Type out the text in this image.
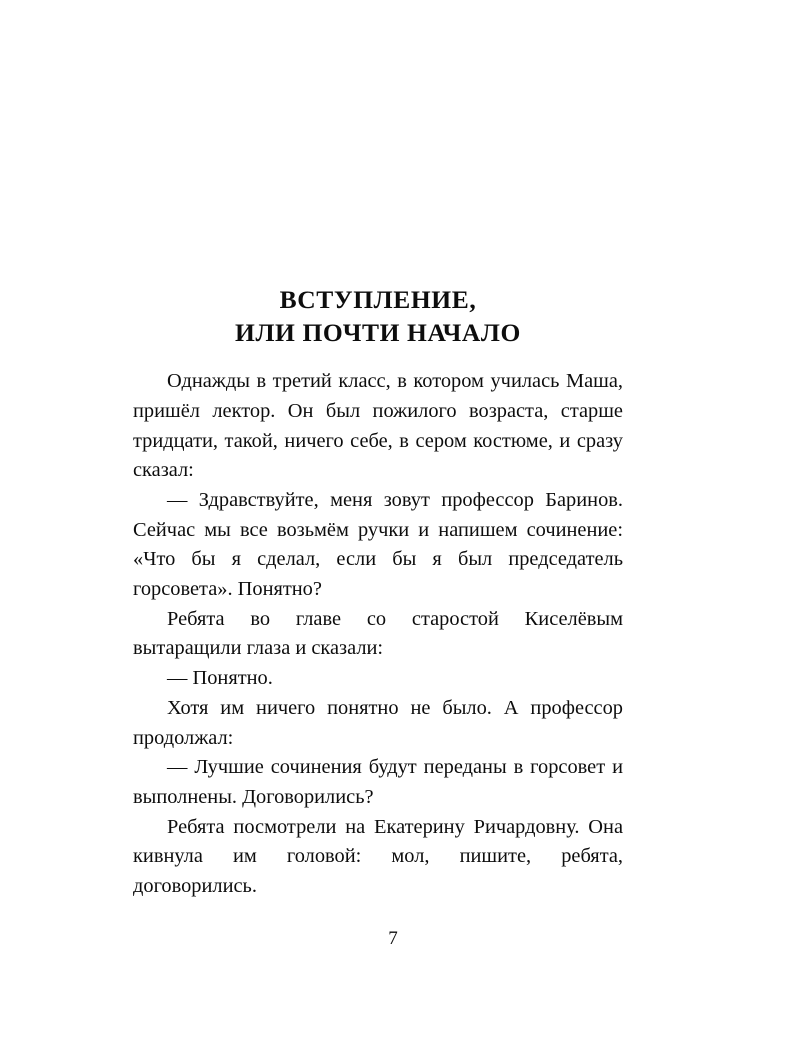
ВСТУПЛЕНИЕ,
ИЛИ ПОЧТИ НАЧАЛО

Однажды в третий класс, в котором училась Маша, пришёл лектор. Он был пожилого возраста, старше тридцати, такой, ничего себе, в сером костюме, и сразу сказал:

— Здравствуйте, меня зовут профессор Баринов. Сейчас мы все возьмём ручки и напишем сочинение: «Что бы я сделал, если бы я был председатель горсовета». Понятно?

Ребята во главе со старостой Киселёвым вытаращили глаза и сказали:

— Понятно.

Хотя им ничего понятно не было. А профессор продолжал:

— Лучшие сочинения будут переданы в горсовет и выполнены. Договорились?

Ребята посмотрели на Екатерину Ричардовну. Она кивнула им головой: мол, пишите, ребята, договорились.

7
